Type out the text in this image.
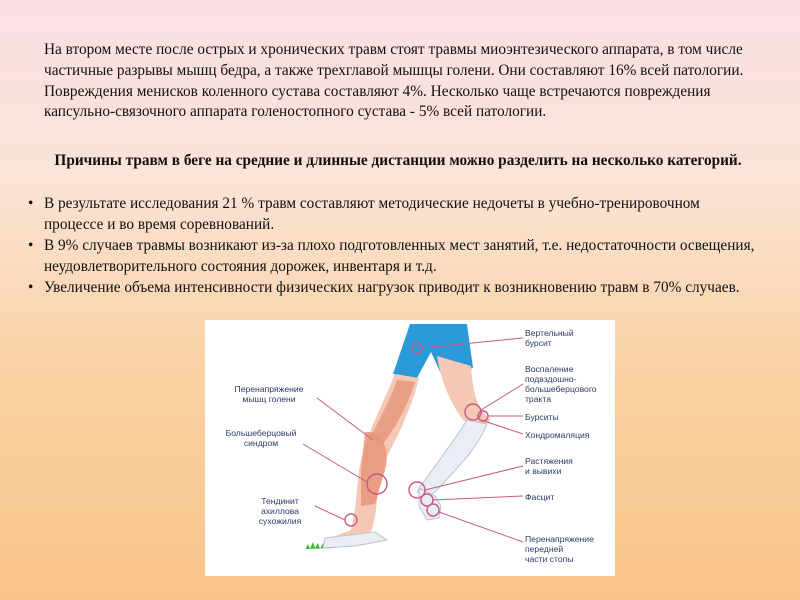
На втором месте после острых и хронических травм стоят травмы миоэнтезического аппарата, в том числе частичные разрывы мышц бедра, а также трехглавой мышцы голени. Они составляют 16% всей патологии. Повреждения менисков коленного сустава составляют 4%. Несколько чаще встречаются повреждения капсульно-связочного аппарата голеностопного сустава - 5% всей патологии.

Причины травм в беге на средние и длинные дистанции можно разделить на несколько категорий.

• В результате исследования 21 % травм составляют методические недочеты в учебно-тренировочном процессе и во время соревнований.
• В 9% случаев травмы возникают из-за плохо подготовленных мест занятий, т.е. недостаточности освещения, неудовлетворительного состояния дорожек, инвентаря и т.д.
• Увеличение объема интенсивности физических нагрузок приводит к возникновению травм в 70% случаев.
Перенапряжение
мышц голени
Большеберцовый
синдром
Тендинит
ахиллова
сухожилия
Вертельный
бурсит
Воспаление
подвздошно-
большеберцового
тракта
Бурситы
Хондромаляция
Растяжения
и вывихи
Фасцит
Перенапряжение
передней
части стопы
